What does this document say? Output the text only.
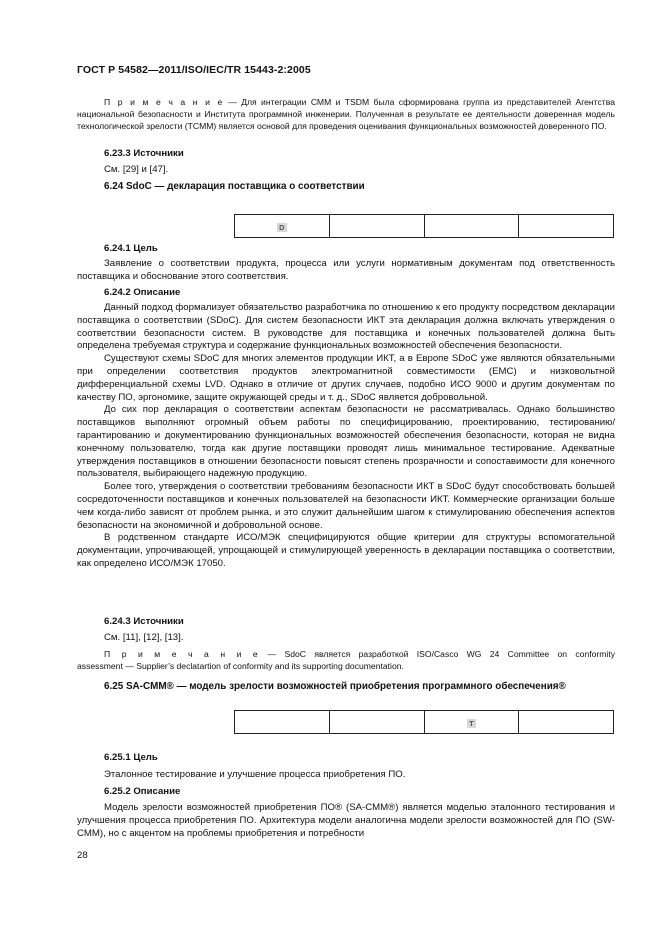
ГОСТ Р 54582—2011/ISO/IEC/TR 15443-2:2005
П р и м е ч а н и е — Для интеграции СММ и TSDM была сформирована группа из представителей Агентства национальной безопасности и Института программной инженерии. Полученная в результате ее деятельности доверенная модель технологической зрелости (TCMM) является основой для проведения оценивания функциональных возможностей доверенного ПО.
6.23.3 Источники
См. [29] и [47].
6.24 SdoC — декларация поставщика о соответствии
D			
6.24.1 Цель

Заявление о соответствии продукта, процесса или услуги нормативным документам под ответственность поставщика и обоснование этого соответствия.

6.24.2 Описание

Данный подход формализует обязательство разработчика по отношению к его продукту посредством декларации поставщика о соответствии (SDoC). Для систем безопасности ИКТ эта декларация должна включать утверждения о соответствии безопасности систем. В руководстве для поставщика и конечных пользователей должна быть определена требуемая структура и содержание функциональных возможностей обеспечения безопасности.

Существуют схемы SDoC для многих элементов продукции ИКТ, а в Европе SDoC уже являются обязательными при определении соответствия продуктов электромагнитной совместимости (EMC) и низковольтной дифференциальной схемы LVD. Однако в отличие от других случаев, подобно ИСО 9000 и другим документам по качеству ПО, эргономике, защите окружающей среды и т. д., SDoC является добровольной.

До сих пор декларация о соответствии аспектам безопасности не рассматривалась. Однако большинство поставщиков выполняют огромный объем работы по специфицированию, проектированию, тестированию/гарантированию и документированию функциональных возможностей обеспечения безопасности, которая не видна конечному пользователю, тогда как другие поставщики проводят лишь минимальное тестирование. Адекватные утверждения поставщиков в отношении безопасности повысят степень прозрачности и сопоставимости для конечного пользователя, выбирающего надежную продукцию.

Более того, утверждения о соответствии требованиям безопасности ИКТ в SDoC будут способствовать большей сосредоточенности поставщиков и конечных пользователей на безопасности ИКТ. Коммерческие организации больше чем когда-либо зависят от проблем рынка, и это служит дальнейшим шагом к стимулированию обеспечения аспектов безопасности на экономичной и добровольной основе.

В родственном стандарте ИСО/МЭК специфицируются общие критерии для структуры вспомогательной документации, упрочивающей, упрощающей и стимулирующей уверенность в декларации поставщика о соответствии, как определено ИСО/МЭК 17050.

6.24.3 Источники
См. [11], [12], [13].
П р и м е ч а н и е — SdoC является разработкой ISO/Casco WG 24 Committee on conformity
assessment — Supplier’s declatartion of conformity and its supporting documentation.
6.25 SA-CMM® — модель зрелости возможностей приобретения программного обеспечения®
		T	
6.25.1 Цель
Эталонное тестирование и улучшение процесса приобретения ПО.
6.25.2 Описание

Модель зрелости возможностей приобретения ПО® (SA-CMM®) является моделью эталонного тестирования и улучшения процесса приобретения ПО. Архитектура модели аналогична модели зрелости возможностей для ПО (SW-CMM), но с акцентом на проблемы приобретения и потребности

28
